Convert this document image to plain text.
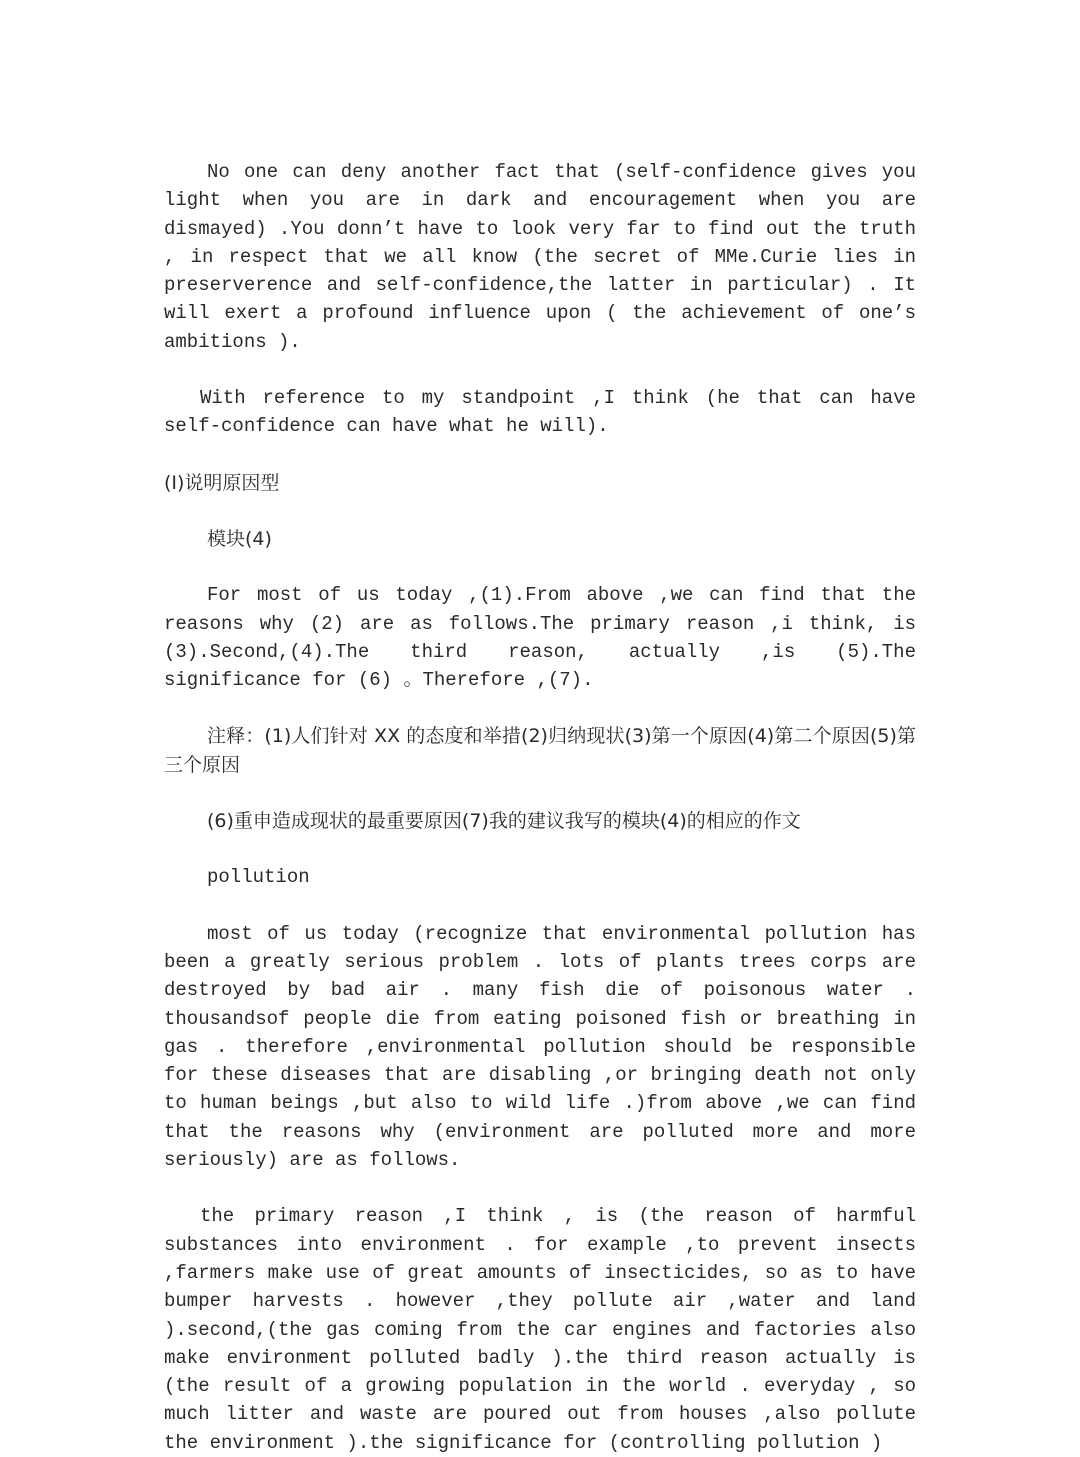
No one can deny another fact that (self-confidence gives you light when you are in dark and encouragement when you are dismayed) .You donn’t have to look very far to find out the truth , in respect that we all know (the secret of MMe.Curie lies in preserverence and self-confidence,the latter in particular) . It will exert a profound influence upon ( the achievement of one’s ambitions ).

With reference to my standpoint ,I think (he that can have self-confidence can have what he will).

(I)说明原因型

模块(4)

For most of us today ,(1).From above ,we can find that the reasons why (2) are as follows.The primary reason ,i think, is (3).Second,(4).The third reason, actually ,is (5).The significance for (6) 。Therefore ,(7).

注释：(1)人们针对 XX 的态度和举措(2)归纳现状(3)第一个原因(4)第二个原因(5)第三个原因

(6)重申造成现状的最重要原因(7)我的建议我写的模块(4)的相应的作文

pollution

most of us today (recognize that environmental pollution has been a greatly serious problem . lots of plants trees corps are destroyed by bad air . many fish die of poisonous water . thousandsof people die from eating poisoned fish or breathing in gas . therefore ,environmental pollution should be responsible for these diseases that are disabling ,or bringing death not only to human beings ,but also to wild life .)from above ,we can find that the reasons why (environment are polluted more and more seriously) are as follows.

the primary reason ,I think , is (the reason of harmful substances into environment . for example ,to prevent insects ,farmers make use of great amounts of insecticides, so as to have bumper harvests . however ,they pollute air ,water and land ).second,(the gas coming from the car engines and factories also make environment polluted badly ).the third reason actually is (the result of a growing population in the world . everyday , so much litter and waste are poured out from houses ,also pollute the environment ).the significance for (controlling pollution )
